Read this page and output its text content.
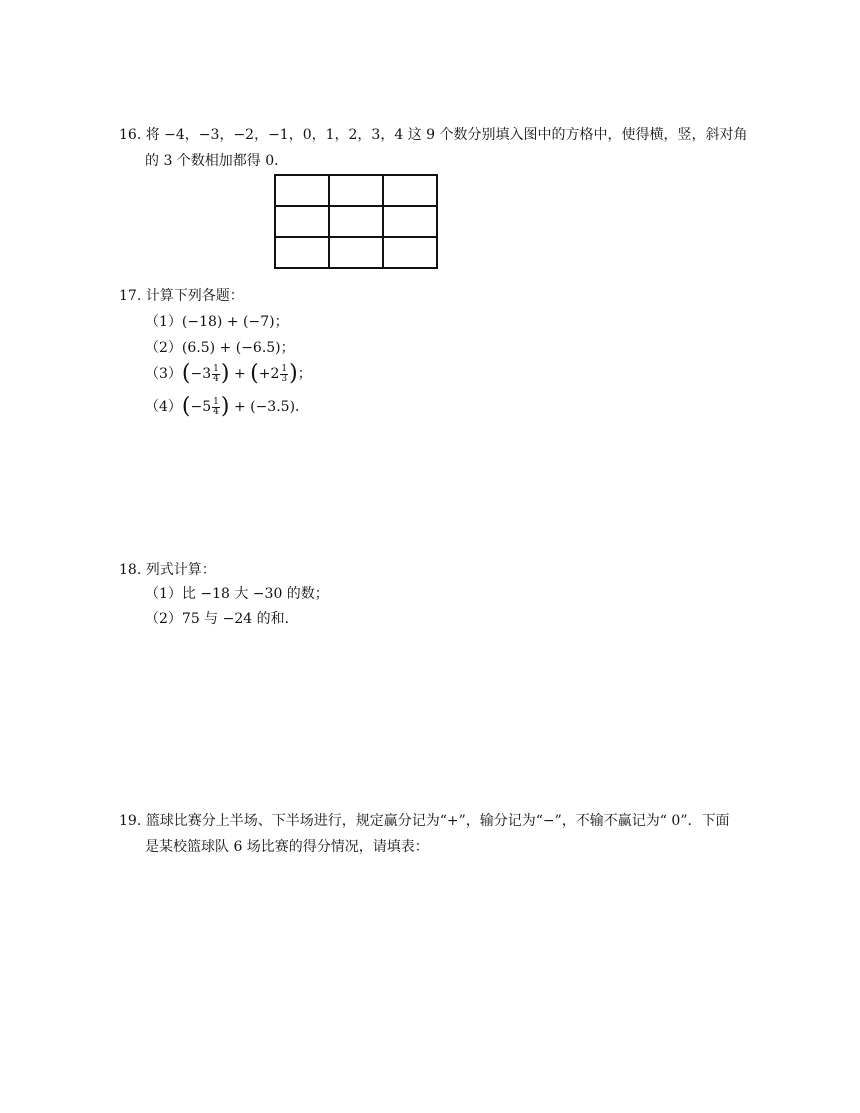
16. 将 −4，−3，−2，−1，0，1，2，3，4 这 9 个数分别填入图中的方格中，使得横，竖，斜对角
的 3 个数相加都得 0．

17. 计算下列各题：
（1）(−18) + (−7)；
（2）(6.5) + (−6.5)；
$(3)(-3 \frac{1}{4}$ ) + ($+2 \frac{1}{3}$ )；
$(4)(-5 \frac{1}{4}$ ) + (−3.5)．
18. 列式计算：
（1）比 −18 大 −30 的数；
（2）75 与 −24 的和．
19. 篮球比赛分上半场、下半场进行，规定赢分记为“+”，输分记为“−”，不输不赢记为“ 0”．下面
是某校篮球队 6 场比赛的得分情况，请填表：
